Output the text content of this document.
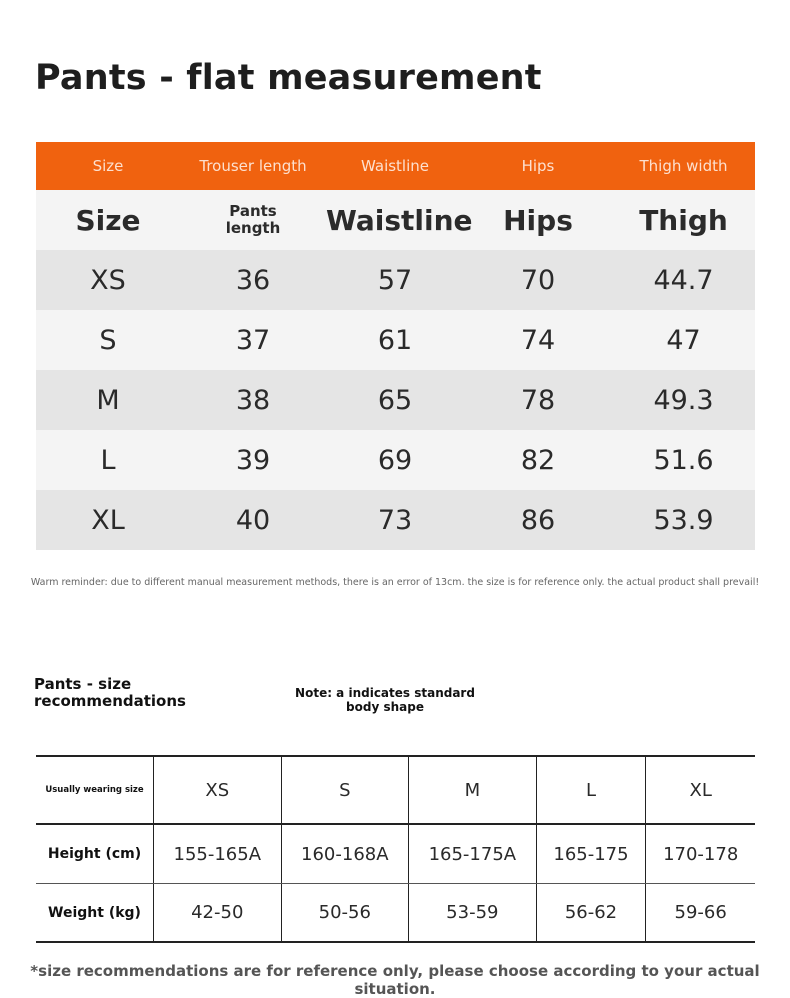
Pants - flat measurement
Size	Trouser length	Waistline	Hips	Thigh width
Size	Pants length	Waistline	Hips	Thigh
XS	36	57	70	44.7
S	37	61	74	47
M	38	65	78	49.3
L	39	69	82	51.6
XL	40	73	86	53.9
Warm reminder: due to different manual measurement methods, there is an error of 13cm. the size is for reference only. the actual product shall prevail!
Pants - size recommendations	Note: a indicates standard body shape
Usually wearing size	XS	S	M	L	XL
Height (cm)	155-165A	160-168A	165-175A	165-175	170-178
Weight (kg)	42-50	50-56	53-59	56-62	59-66
*size recommendations are for reference only, please choose according to your actual situation.
